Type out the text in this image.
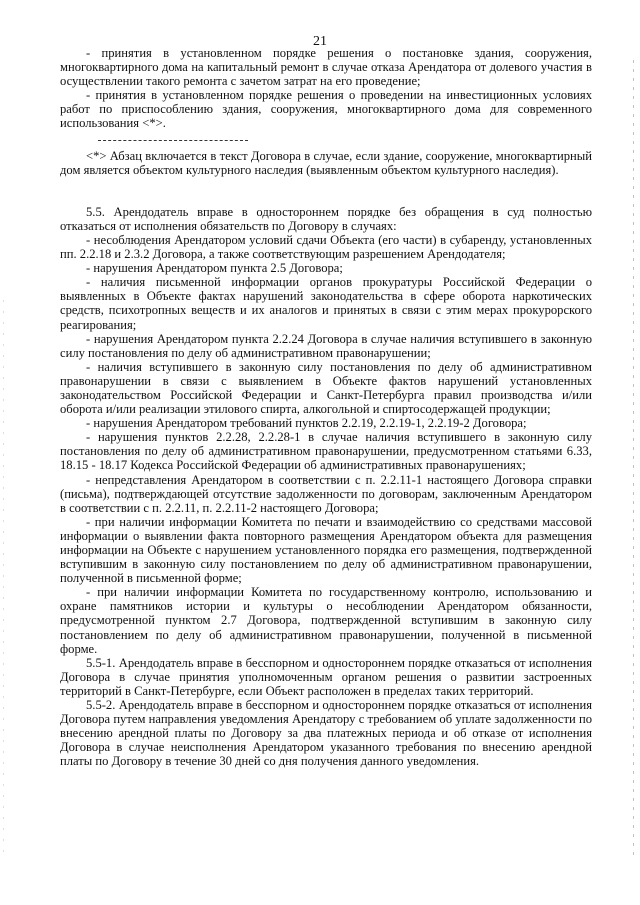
21

- принятия в установленном порядке решения о постановке здания, сооружения, многоквартирного дома на капитальный ремонт в случае отказа Арендатора от долевого участия в осуществлении такого ремонта с зачетом затрат на его проведение;

- принятия в установленном порядке решения о проведении на инвестиционных условиях работ по приспособлению здания, сооружения, многоквартирного дома для современного использования <*>.

<*> Абзац включается в текст Договора в случае, если здание, сооружение, многоквартирный дом является объектом культурного наследия (выявленным объектом культурного наследия).

5.5. Арендодатель вправе в одностороннем порядке без обращения в суд полностью отказаться от исполнения обязательств по Договору в случаях:

- несоблюдения Арендатором условий сдачи Объекта (его части) в субаренду, установленных пп. 2.2.18 и 2.3.2 Договора, а также соответствующим разрешением Арендодателя;

- нарушения Арендатором пункта 2.5 Договора;

- наличия письменной информации органов прокуратуры Российской Федерации о выявленных в Объекте фактах нарушений законодательства в сфере оборота наркотических средств, психотропных веществ и их аналогов и принятых в связи с этим мерах прокурорского реагирования;

- нарушения Арендатором пункта 2.2.24 Договора в случае наличия вступившего в законную силу постановления по делу об административном правонарушении;

- наличия вступившего в законную силу постановления по делу об административном правонарушении в связи с выявлением в Объекте фактов нарушений установленных законодательством Российской Федерации и Санкт-Петербурга правил производства и/или оборота и/или реализации этилового спирта, алкогольной и спиртосодержащей продукции;

- нарушения Арендатором требований пунктов 2.2.19, 2.2.19-1, 2.2.19-2 Договора;

- нарушения пунктов 2.2.28, 2.2.28-1 в случае наличия вступившего в законную силу постановления по делу об административном правонарушении, предусмотренном статьями 6.33, 18.15 - 18.17 Кодекса Российской Федерации об административных правонарушениях;

- непредставления Арендатором в соответствии с п. 2.2.11-1 настоящего Договора справки (письма), подтверждающей отсутствие задолженности по договорам, заключенным Арендатором в соответствии с п. 2.2.11, п. 2.2.11-2 настоящего Договора;

- при наличии информации Комитета по печати и взаимодействию со средствами массовой информации о выявлении факта повторного размещения Арендатором объекта для размещения информации на Объекте с нарушением установленного порядка его размещения, подтвержденной вступившим в законную силу постановлением по делу об административном правонарушении, полученной в письменной форме;

- при наличии информации Комитета по государственному контролю, использованию и охране памятников истории и культуры о несоблюдении Арендатором обязанности, предусмотренной пунктом 2.7 Договора, подтвержденной вступившим в законную силу постановлением по делу об административном правонарушении, полученной в письменной форме.

5.5-1. Арендодатель вправе в бесспорном и одностороннем порядке отказаться от исполнения Договора в случае принятия уполномоченным органом решения о развитии застроенных территорий в Санкт-Петербурге, если Объект расположен в пределах таких территорий.

5.5-2. Арендодатель вправе в бесспорном и одностороннем порядке отказаться от исполнения Договора путем направления уведомления Арендатору с требованием об уплате задолженности по внесению арендной платы по Договору за два платежных периода и об отказе от исполнения Договора в случае неисполнения Арендатором указанного требования по внесению арендной платы по Договору в течение 30 дней со дня получения данного уведомления.
